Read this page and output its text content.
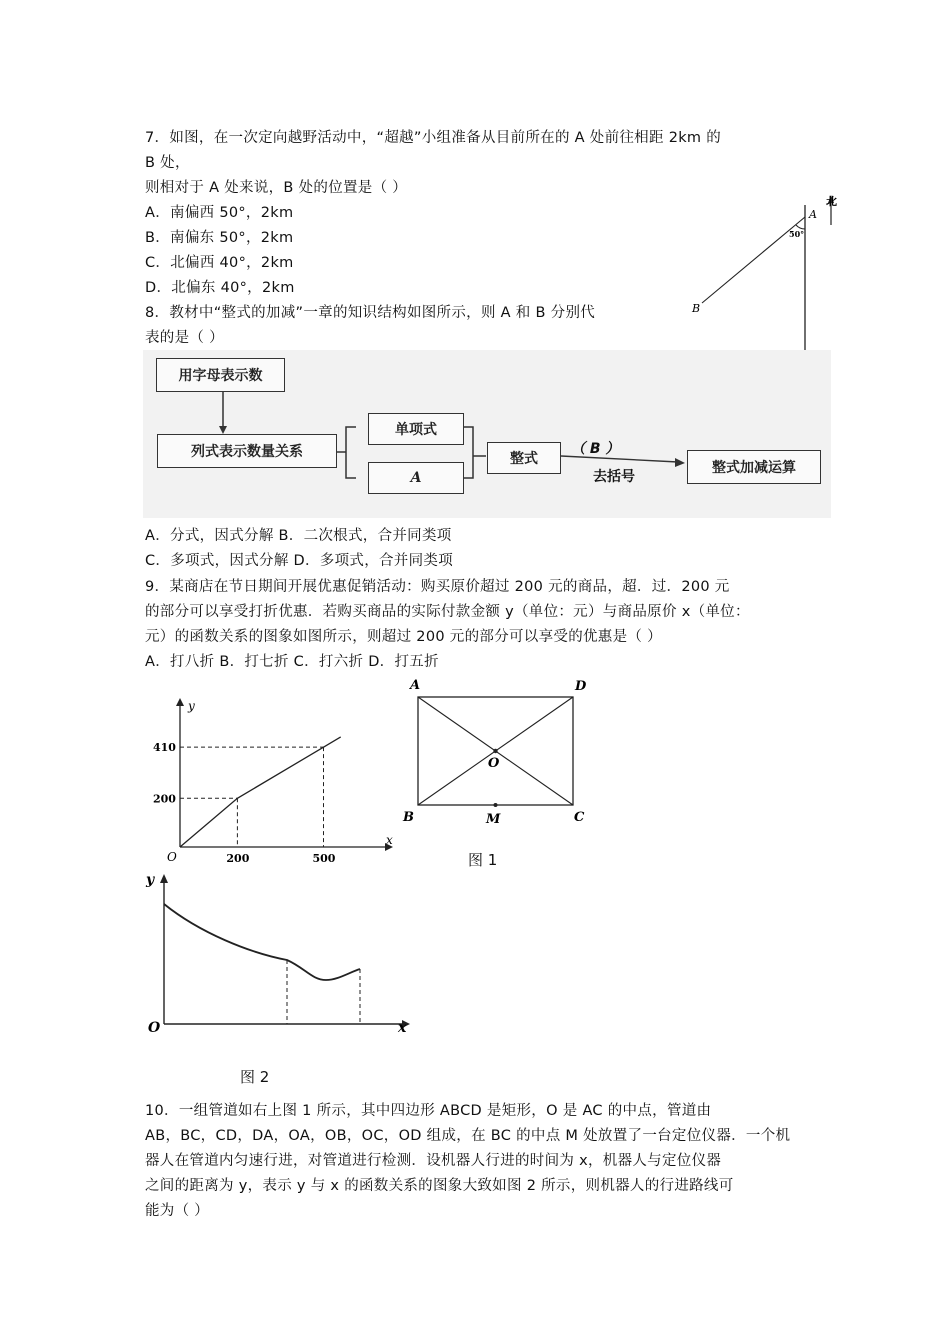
7．如图，在一次定向越野活动中，“超越”小组准备从目前所在的 A 处前往相距 2km 的
B 处，
则相对于 A 处来说，B 处的位置是（ ）
A．南偏西 50°，2km
B．南偏东 50°，2km
C．北偏西 40°，2km
D．北偏东 40°，2km
北
A
50°
B
8．教材中“整式的加减”一章的知识结构如图所示，则 A 和 B 分别代
表的是（ ）
用字母表示数
列式表示数量关系
单项式
A
整式
（ B ）
去括号
整式加减运算
A．分式，因式分解 B．二次根式，合并同类项
C．多项式，因式分解 D．多项式，合并同类项
9．某商店在节日期间开展优惠促销活动：购买原价超过 200 元的商品，超．过．200 元
的部分可以享受打折优惠．若购买商品的实际付款金额 y（单位：元）与商品原价 x（单位：
元）的函数关系的图象如图所示，则超过 200 元的部分可以享受的优惠是（ ）
A．打八折 B．打七折 C．打六折 D．打五折
y
x
O
200
410
200	500
A	D
O
B	M	C
图 1
y
x
O
图 2
10．一组管道如右上图 1 所示，其中四边形 ABCD 是矩形，O 是 AC 的中点，管道由
AB，BC，CD，DA，OA，OB，OC，OD 组成，在 BC 的中点 M 处放置了一台定位仪器．一个机
器人在管道内匀速行进，对管道进行检测．设机器人行进的时间为 x，机器人与定位仪器
之间的距离为 y，表示 y 与 x 的函数关系的图象大致如图 2 所示，则机器人的行进路线可
能为（ ）
